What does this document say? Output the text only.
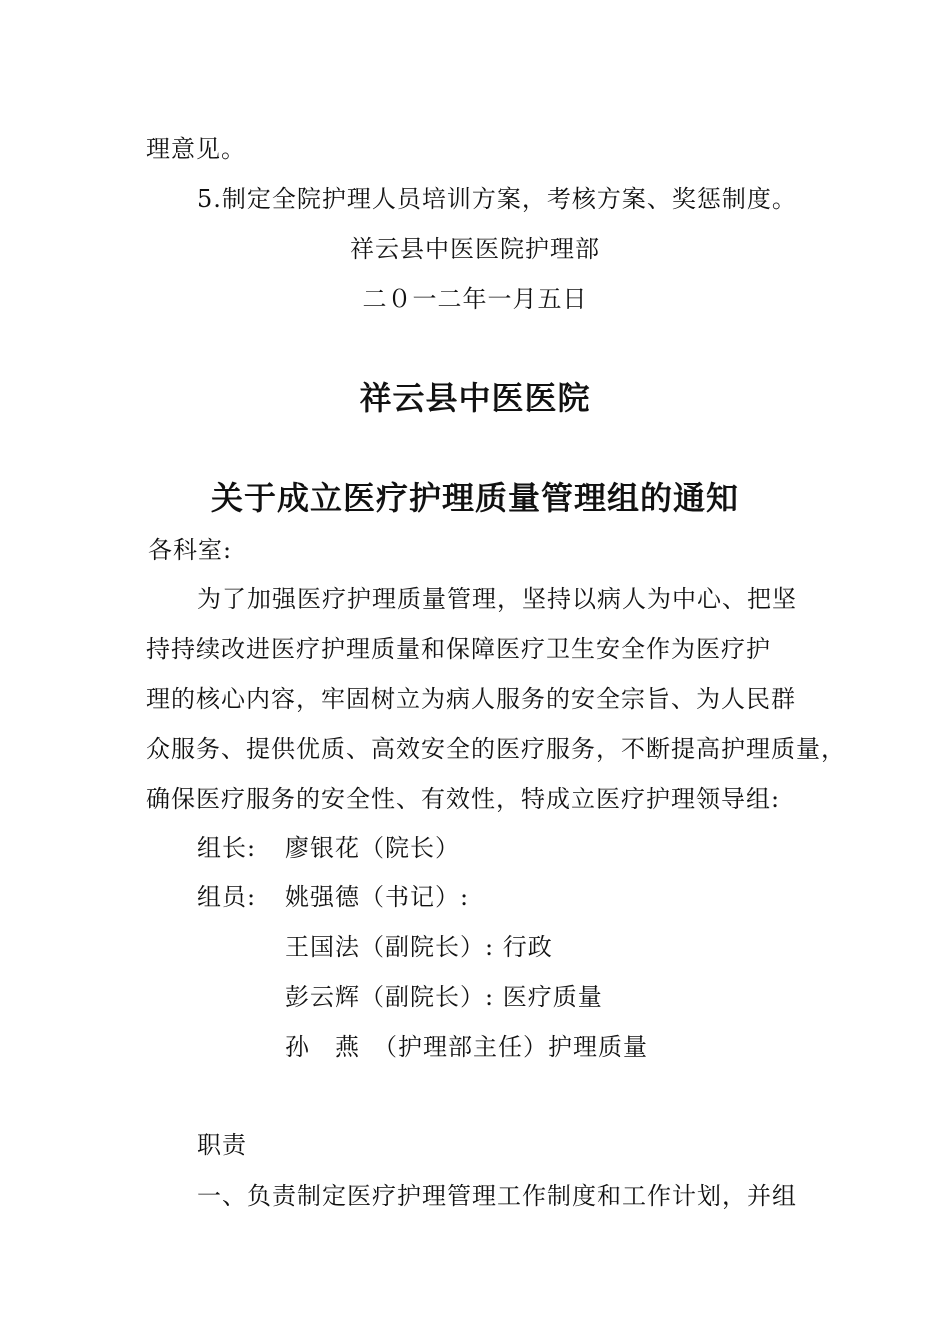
理意见。
5.制定全院护理人员培训方案，考核方案、奖惩制度。
祥云县中医医院护理部
二０一二年一月五日
祥云县中医医院
关于成立医疗护理质量管理组的通知
各科室:
为了加强医疗护理质量管理，坚持以病人为中心、把坚
持持续改进医疗护理质量和保障医疗卫生安全作为医疗护
理的核心内容，牢固树立为病人服务的安全宗旨、为人民群
众服务、提供优质、高效安全的医疗服务，不断提高护理质量，
确保医疗服务的安全性、有效性，特成立医疗护理领导组:
组长: 廖银花（院长）
组员: 姚强德（书记）:
王国法（副院长）: 行政
彭云辉（副院长）: 医疗质量
孙　燕　（护理部主任）护理质量
职责
一、负责制定医疗护理管理工作制度和工作计划，并组
